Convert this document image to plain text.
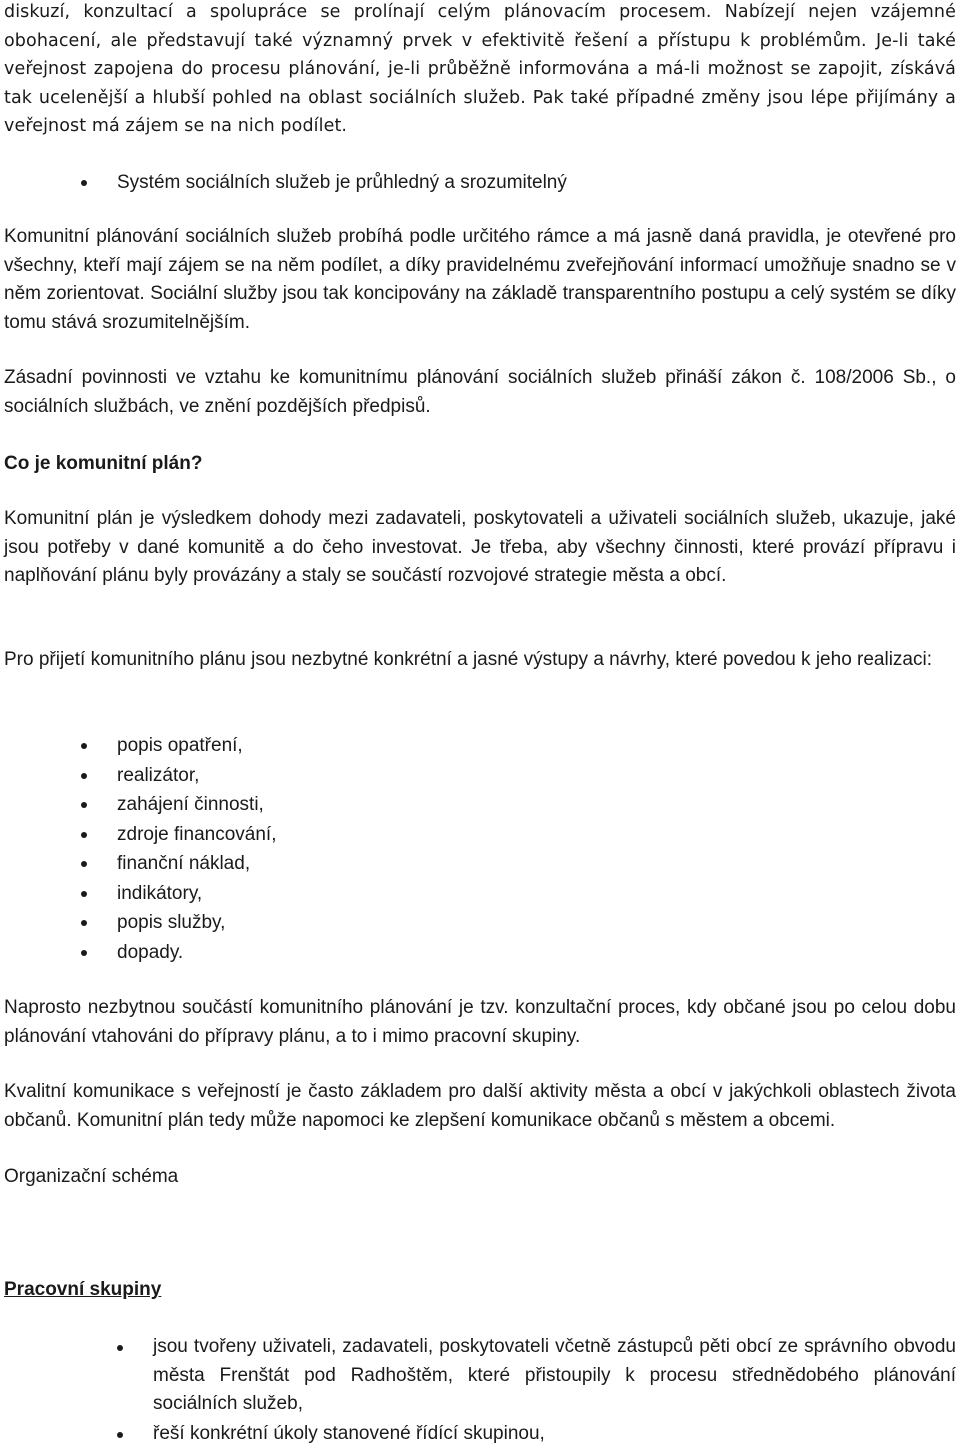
diskuzí, konzultací a spolupráce se prolínají celým plánovacím procesem. Nabízejí nejen vzájemné obohacení, ale představují také významný prvek v efektivitě řešení a přístupu k problémům. Je-li také veřejnost zapojena do procesu plánování, je-li průběžně informována a má-li možnost se zapojit, získává tak ucelenější a hlubší pohled na oblast sociálních služeb. Pak také případné změny jsou lépe přijímány a veřejnost má zájem se na nich podílet.

Systém sociálních služeb je průhledný a srozumitelný

Komunitní plánování sociálních služeb probíhá podle určitého rámce a má jasně daná pravidla, je otevřené pro všechny, kteří mají zájem se na něm podílet, a díky pravidelnému zveřejňování informací umožňuje snadno se v něm zorientovat. Sociální služby jsou tak koncipovány na základě transparentního postupu a celý systém se díky tomu stává srozumitelnějším.

Zásadní povinnosti ve vztahu ke komunitnímu plánování sociálních služeb přináší zákon č. 108/2006 Sb., o sociálních službách, ve znění pozdějších předpisů.

Co je komunitní plán?

Komunitní plán je výsledkem dohody mezi zadavateli, poskytovateli a uživateli sociálních služeb, ukazuje, jaké jsou potřeby v dané komunitě a do čeho investovat. Je třeba, aby všechny činnosti, které provází přípravu i naplňování plánu byly provázány a staly se součástí rozvojové strategie města a obcí.

Pro přijetí komunitního plánu jsou nezbytné konkrétní a jasné výstupy a návrhy, které povedou k jeho realizaci:

popis opatření,
realizátor,
zahájení činnosti,
zdroje financování,
finanční náklad,
indikátory,
popis služby,
dopady.

Naprosto nezbytnou součástí komunitního plánování je tzv. konzultační proces, kdy občané jsou po celou dobu plánování vtahováni do přípravy plánu, a to i mimo pracovní skupiny.

Kvalitní komunikace s veřejností je často základem pro další aktivity města a obcí v jakýchkoli oblastech života občanů. Komunitní plán tedy může napomoci ke zlepšení komunikace občanů s městem a obcemi.

Organizační schéma
Pracovní skupiny
jsou tvořeny uživateli, zadavateli, poskytovateli včetně zástupců pěti obcí ze správního obvodu města Frenštát pod Radhoštěm, které přistoupily k procesu střednědobého plánování sociálních služeb,
řeší konkrétní úkoly stanovené řídící skupinou,
